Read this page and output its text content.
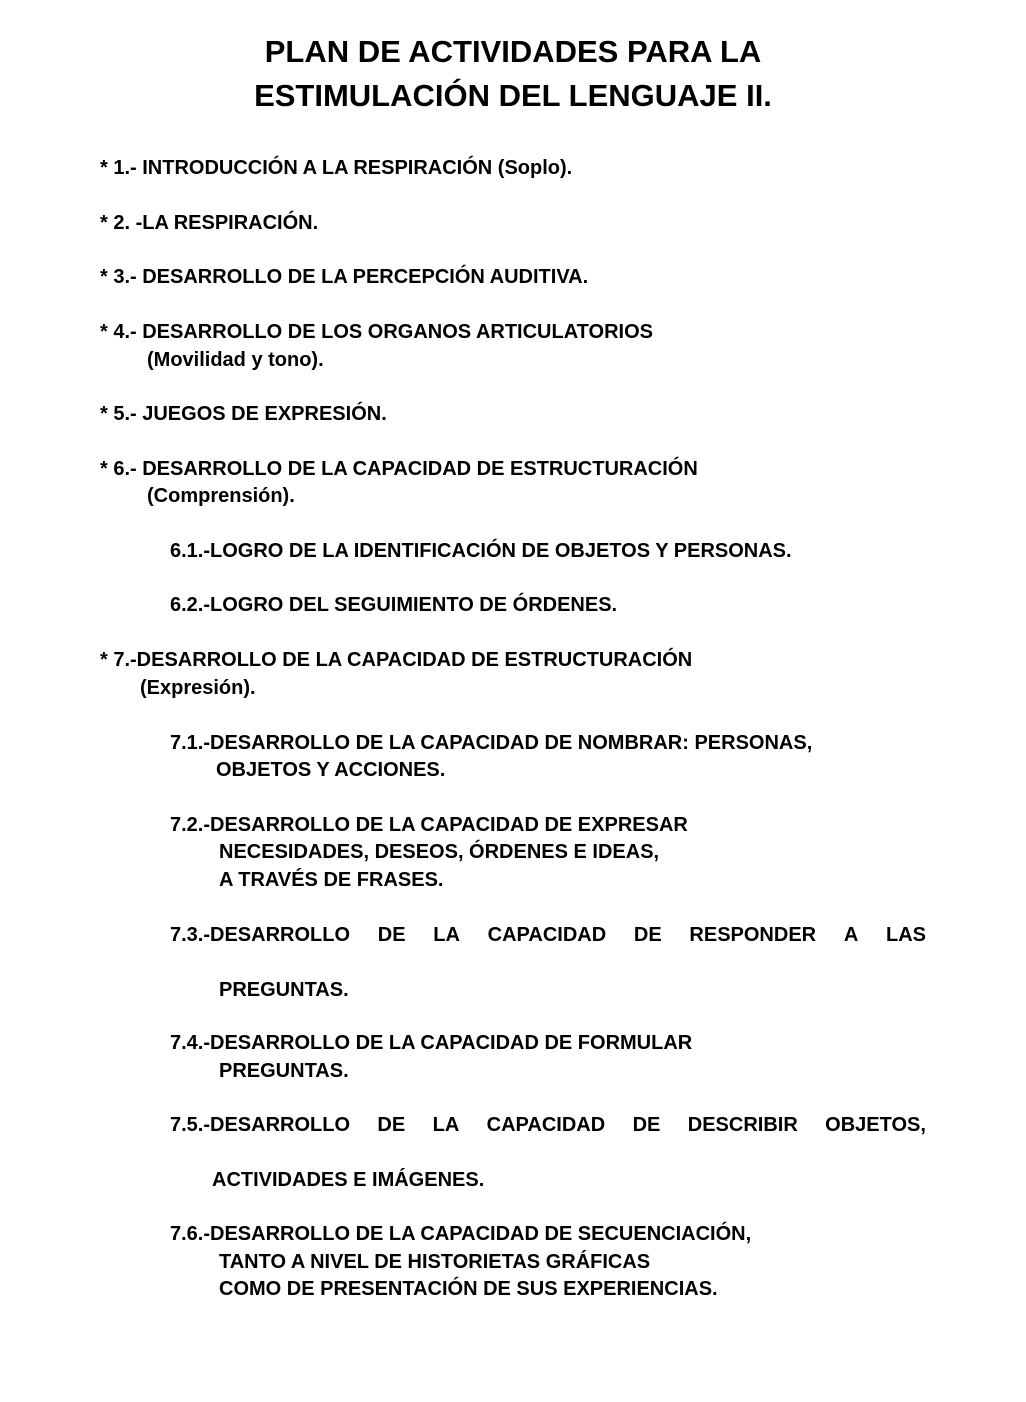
PLAN DE ACTIVIDADES PARA LA
ESTIMULACIÓN DEL LENGUAJE II.

* 1.- INTRODUCCIÓN A LA RESPIRACIÓN (Soplo).

* 2. -LA RESPIRACIÓN.

* 3.- DESARROLLO DE LA PERCEPCIÓN AUDITIVA.

* 4.- DESARROLLO DE LOS ORGANOS ARTICULATORIOS

(Movilidad y tono).

* 5.- JUEGOS DE EXPRESIÓN.

* 6.- DESARROLLO DE LA CAPACIDAD DE ESTRUCTURACIÓN

(Comprensión).

6.1.-LOGRO DE LA IDENTIFICACIÓN DE OBJETOS Y PERSONAS.

6.2.-LOGRO DEL SEGUIMIENTO DE ÓRDENES.

* 7.-DESARROLLO DE LA CAPACIDAD DE ESTRUCTURACIÓN

(Expresión).

7.1.-DESARROLLO DE LA CAPACIDAD DE NOMBRAR: PERSONAS,

OBJETOS Y ACCIONES.

7.2.-DESARROLLO DE LA CAPACIDAD DE EXPRESAR

NECESIDADES, DESEOS, ÓRDENES E IDEAS,

A TRAVÉS DE FRASES.

7.3.-DESARROLLO DE LA CAPACIDAD DE RESPONDER A LAS

PREGUNTAS.

7.4.-DESARROLLO DE LA CAPACIDAD DE FORMULAR

PREGUNTAS.

7.5.-DESARROLLO DE LA CAPACIDAD DE DESCRIBIR OBJETOS,

ACTIVIDADES E IMÁGENES.

7.6.-DESARROLLO DE LA CAPACIDAD DE SECUENCIACIÓN,

TANTO A NIVEL DE HISTORIETAS GRÁFICAS

COMO DE PRESENTACIÓN DE SUS EXPERIENCIAS.
